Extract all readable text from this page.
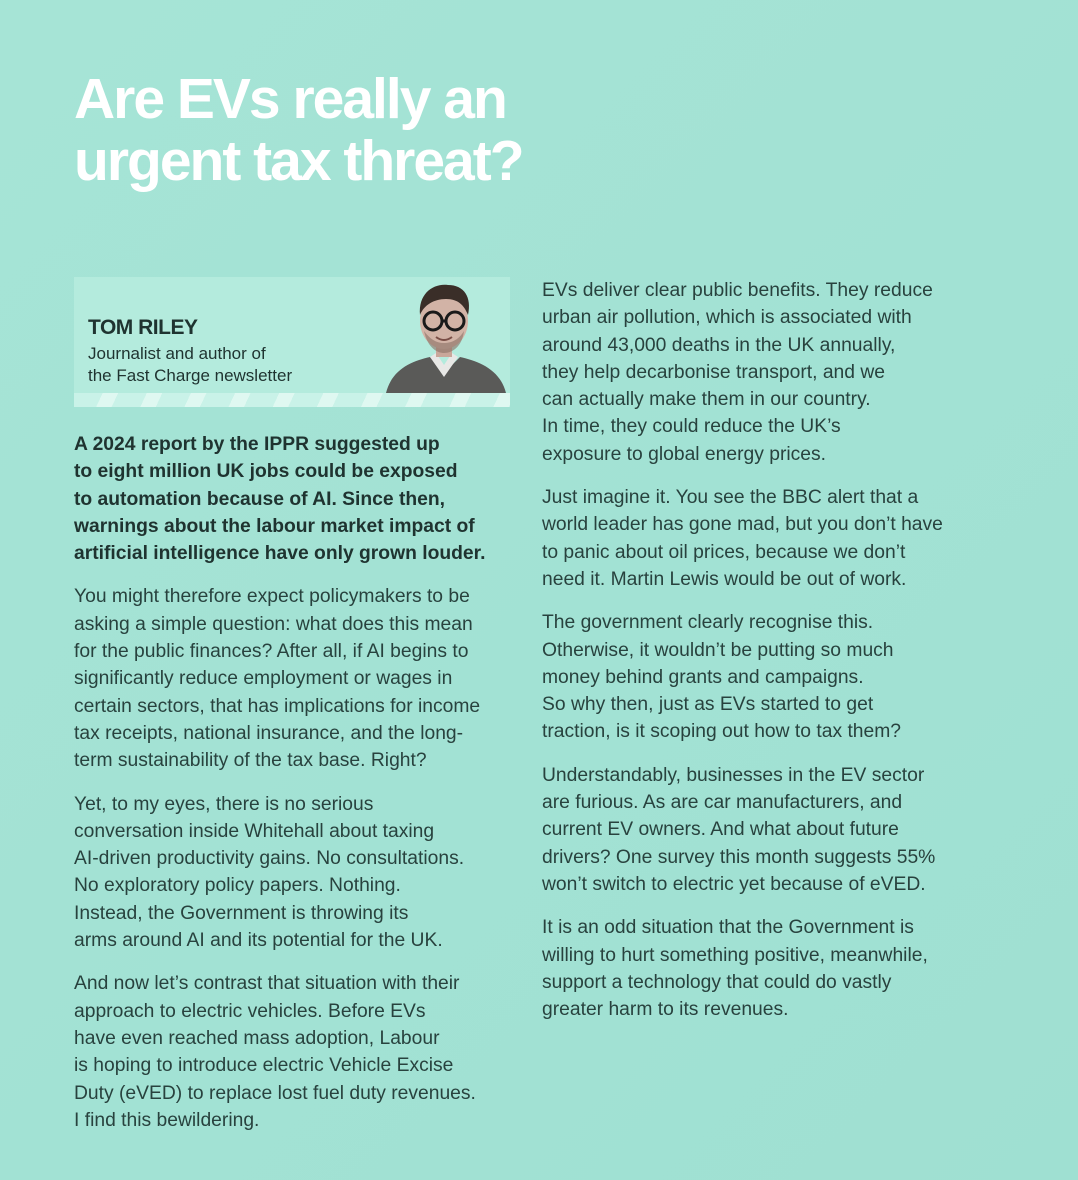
Are EVs really an
urgent tax threat?
TOM RILEY
Journalist and author of
the Fast Charge newsletter

A 2024 report by the IPPR suggested up
to eight million UK jobs could be exposed
to automation because of AI. Since then,
warnings about the labour market impact of
artificial intelligence have only grown louder.

You might therefore expect policymakers to be
asking a simple question: what does this mean
for the public finances? After all, if AI begins to
significantly reduce employment or wages in
certain sectors, that has implications for income
tax receipts, national insurance, and the long-
term sustainability of the tax base. Right?

Yet, to my eyes, there is no serious
conversation inside Whitehall about taxing
AI-driven productivity gains. No consultations.
No exploratory policy papers. Nothing.
Instead, the Government is throwing its
arms around AI and its potential for the UK.

And now let’s contrast that situation with their
approach to electric vehicles. Before EVs
have even reached mass adoption, Labour
is hoping to introduce electric Vehicle Excise
Duty (eVED) to replace lost fuel duty revenues.
I find this bewildering.

EVs deliver clear public benefits. They reduce
urban air pollution, which is associated with
around 43,000 deaths in the UK annually,
they help decarbonise transport, and we
can actually make them in our country.
In time, they could reduce the UK’s
exposure to global energy prices.

Just imagine it. You see the BBC alert that a
world leader has gone mad, but you don’t have
to panic about oil prices, because we don’t
need it. Martin Lewis would be out of work.

The government clearly recognise this.
Otherwise, it wouldn’t be putting so much
money behind grants and campaigns.
So why then, just as EVs started to get
traction, is it scoping out how to tax them?

Understandably, businesses in the EV sector
are furious. As are car manufacturers, and
current EV owners. And what about future
drivers? One survey this month suggests 55%
won’t switch to electric yet because of eVED.

It is an odd situation that the Government is
willing to hurt something positive, meanwhile,
support a technology that could do vastly
greater harm to its revenues.
